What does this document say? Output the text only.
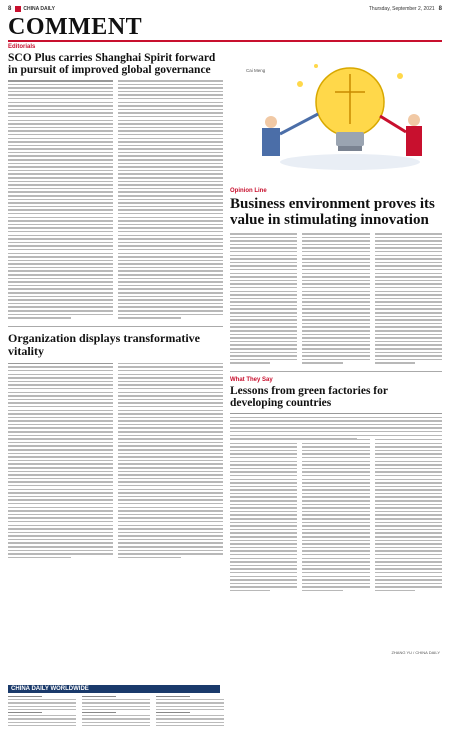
8 CHINA DAILY	Thursday, September 2, 2021 8
COMMENT
Editorials
SCO Plus carries Shanghai Spirit forward in pursuit of improved global governance
Organization displays transformative vitality
Cai Meng
Opinion Line
Business environment proves its value in stimulating innovation
What They Say
Lessons from green factories for developing countries
ZHANG YU / CHINA DAILY
CHINA DAILY WORLDWIDE
